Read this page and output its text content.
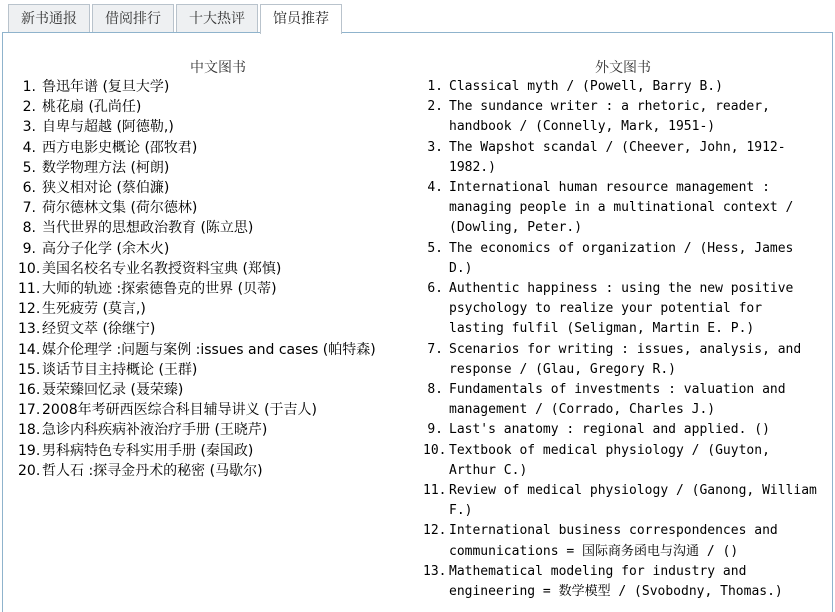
新书通报	借阅排行	十大热评	馆员推荐
中文图书
1. 鲁迅年谱 (复旦大学)
2. 桃花扇 (孔尚任)
3. 自卑与超越 (阿德勒,)
4. 西方电影史概论 (邵牧君)
5. 数学物理方法 (柯朗)
6. 狭义相对论 (蔡伯濂)
7. 荷尔德林文集 (荷尔德林)
8. 当代世界的思想政治教育 (陈立思)
9. 高分子化学 (余木火)
10. 美国名校名专业名教授资料宝典 (郑慎)
11. 大师的轨迹 :探索德鲁克的世界 (贝蒂)
12. 生死疲劳 (莫言,)
13. 经贸文萃 (徐继宁)
14. 媒介伦理学 :问题与案例 :issues and cases (帕特森)
15. 谈话节目主持概论 (王群)
16. 聂荣臻回忆录 (聂荣臻)
17. 2008年考研西医综合科目辅导讲义 (于吉人)
18. 急诊内科疾病补液治疗手册 (王晓芹)
19. 男科病特色专科实用手册 (秦国政)
20. 哲人石 :探寻金丹术的秘密 (马歇尔)
外文图书
1. Classical myth / (Powell, Barry B.)
2. The sundance writer : a rhetoric, reader, handbook / (Connelly, Mark, 1951-)
3. The Wapshot scandal / (Cheever, John, 1912-1982.)
4. International human resource management : managing people in a multinational context / (Dowling, Peter.)
5. The economics of organization / (Hess, James D.)
6. Authentic happiness : using the new positive psychology to realize your potential for lasting fulfil (Seligman, Martin E. P.)
7. Scenarios for writing : issues, analysis, and response / (Glau, Gregory R.)
8. Fundamentals of investments : valuation and management / (Corrado, Charles J.)
9. Last's anatomy : regional and applied. ()
10. Textbook of medical physiology / (Guyton, Arthur C.)
11. Review of medical physiology / (Ganong, William F.)
12. International business correspondences and communications = 国际商务函电与沟通 / ()
13. Mathematical modeling for industry and engineering = 数学模型 / (Svobodny, Thomas.)
